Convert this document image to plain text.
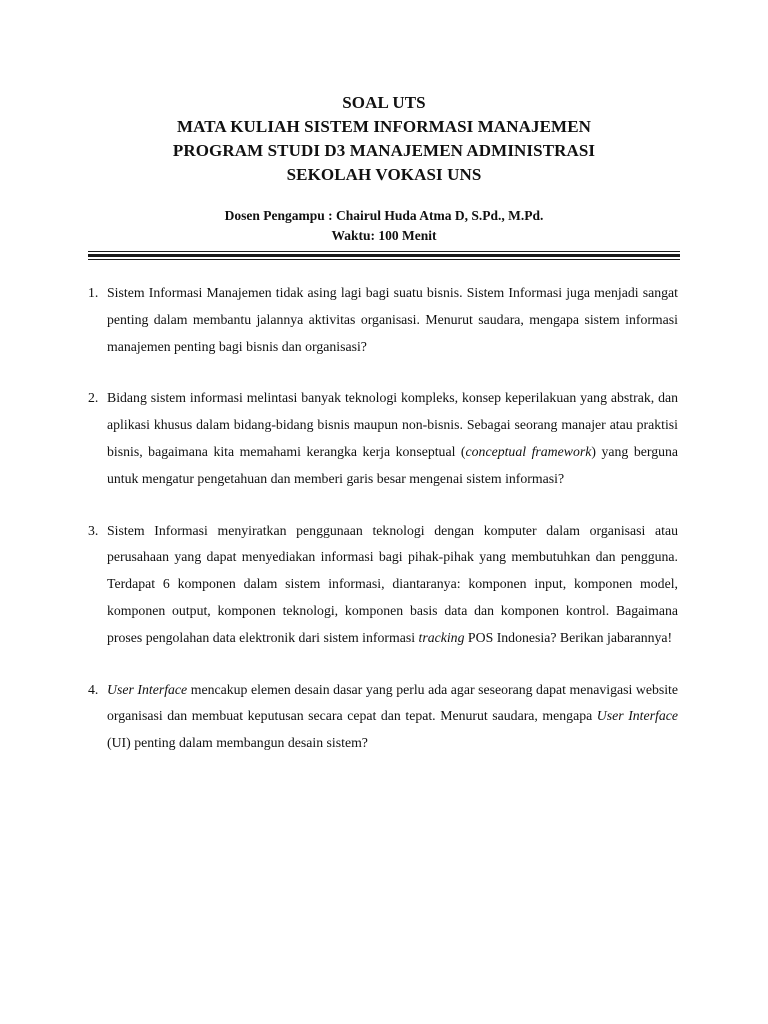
SOAL UTS
MATA KULIAH SISTEM INFORMASI MANAJEMEN
PROGRAM STUDI D3 MANAJEMEN ADMINISTRASI
SEKOLAH VOKASI UNS
Dosen Pengampu : Chairul Huda Atma D, S.Pd., M.Pd.
Waktu: 100 Menit
1. Sistem Informasi Manajemen tidak asing lagi bagi suatu bisnis. Sistem Informasi juga menjadi sangat penting dalam membantu jalannya aktivitas organisasi. Menurut saudara, mengapa sistem informasi manajemen penting bagi bisnis dan organisasi?
2. Bidang sistem informasi melintasi banyak teknologi kompleks, konsep keperilakuan yang abstrak, dan aplikasi khusus dalam bidang-bidang bisnis maupun non-bisnis. Sebagai seorang manajer atau praktisi bisnis, bagaimana kita memahami kerangka kerja konseptual (conceptual framework) yang berguna untuk mengatur pengetahuan dan memberi garis besar mengenai sistem informasi?
3. Sistem Informasi menyiratkan penggunaan teknologi dengan komputer dalam organisasi atau perusahaan yang dapat menyediakan informasi bagi pihak-pihak yang membutuhkan dan pengguna. Terdapat 6 komponen dalam sistem informasi, diantaranya: komponen input, komponen model, komponen output, komponen teknologi, komponen basis data dan komponen kontrol. Bagaimana proses pengolahan data elektronik dari sistem informasi tracking POS Indonesia? Berikan jabarannya!
4. User Interface mencakup elemen desain dasar yang perlu ada agar seseorang dapat menavigasi website organisasi dan membuat keputusan secara cepat dan tepat. Menurut saudara, mengapa User Interface (UI) penting dalam membangun desain sistem?
